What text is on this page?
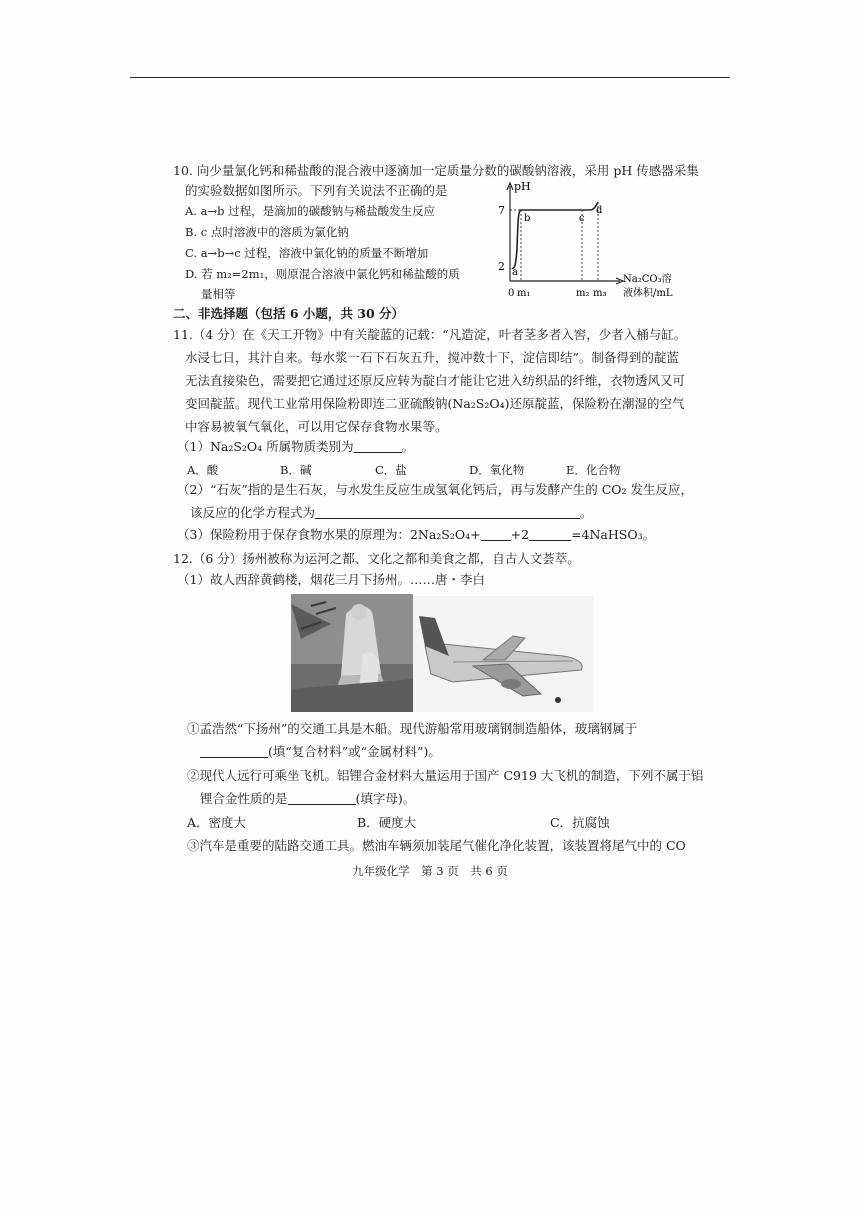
10. 向少量氯化钙和稀盐酸的混合液中逐滴加一定质量分数的碳酸钠溶液，采用 pH 传感器采集
的实验数据如图所示。下列有关说法不正确的是
A. a→b 过程，是滴加的碳酸钠与稀盐酸发生反应
B. c 点时溶液中的溶质为氯化钠
C. a→b→c 过程，溶液中氯化钠的质量不断增加
D. 若 m₂=2m₁，则原混合溶液中氯化钙和稀盐酸的质
量相等
pH
7
2
0 m₁	m₂ m₃
a
b	c
d
Na₂CO₃溶
液体积/mL
二、非选择题（包括 6 小题，共 30 分）
11.（4 分）在《天工开物》中有关靛蓝的记载：“凡造淀，叶者茎多者入窖，少者入桶与缸。
水浸七日，其汁自来。每水浆一石下石灰五升，搅冲数十下，淀信即结”。制备得到的靛蓝
无法直接染色，需要把它通过还原反应转为靛白才能让它进入纺织品的纤维，衣物透风又可
变回靛蓝。现代工业常用保险粉即连二亚硫酸钠(Na₂S₂O₄)还原靛蓝，保险粉在潮湿的空气
中容易被氧气氧化，可以用它保存食物水果等。
（1）Na₂S₂O₄ 所属物质类别为	。
A．酸	B．碱	C．盐	D．氧化物	E．化合物
（2）“石灰”指的是生石灰，与水发生反应生成氢氧化钙后，再与发酵产生的 CO₂ 发生反应，
该反应的化学方程式为	。
（3）保险粉用于保存食物水果的原理为：2Na₂S₂O₄+ +2	=4NaHSO₃。
12.（6 分）扬州被称为运河之都、文化之都和美食之都，自古人文荟萃。
（1）故人西辞黄鹤楼，烟花三月下扬州。……唐・李白
①孟浩然“下扬州”的交通工具是木船。现代游船常用玻璃钢制造船体，玻璃钢属于
(填“复合材料”或“金属材料”)。
②现代人远行可乘坐飞机。铝锂合金材料大量运用于国产 C919 大飞机的制造，下列不属于铝
锂合金性质的是	(填字母)。
A．密度大	B．硬度大	C．抗腐蚀
③汽车是重要的陆路交通工具。燃油车辆须加装尾气催化净化装置，该装置将尾气中的 CO
九年级化学　第 3 页　共 6 页
